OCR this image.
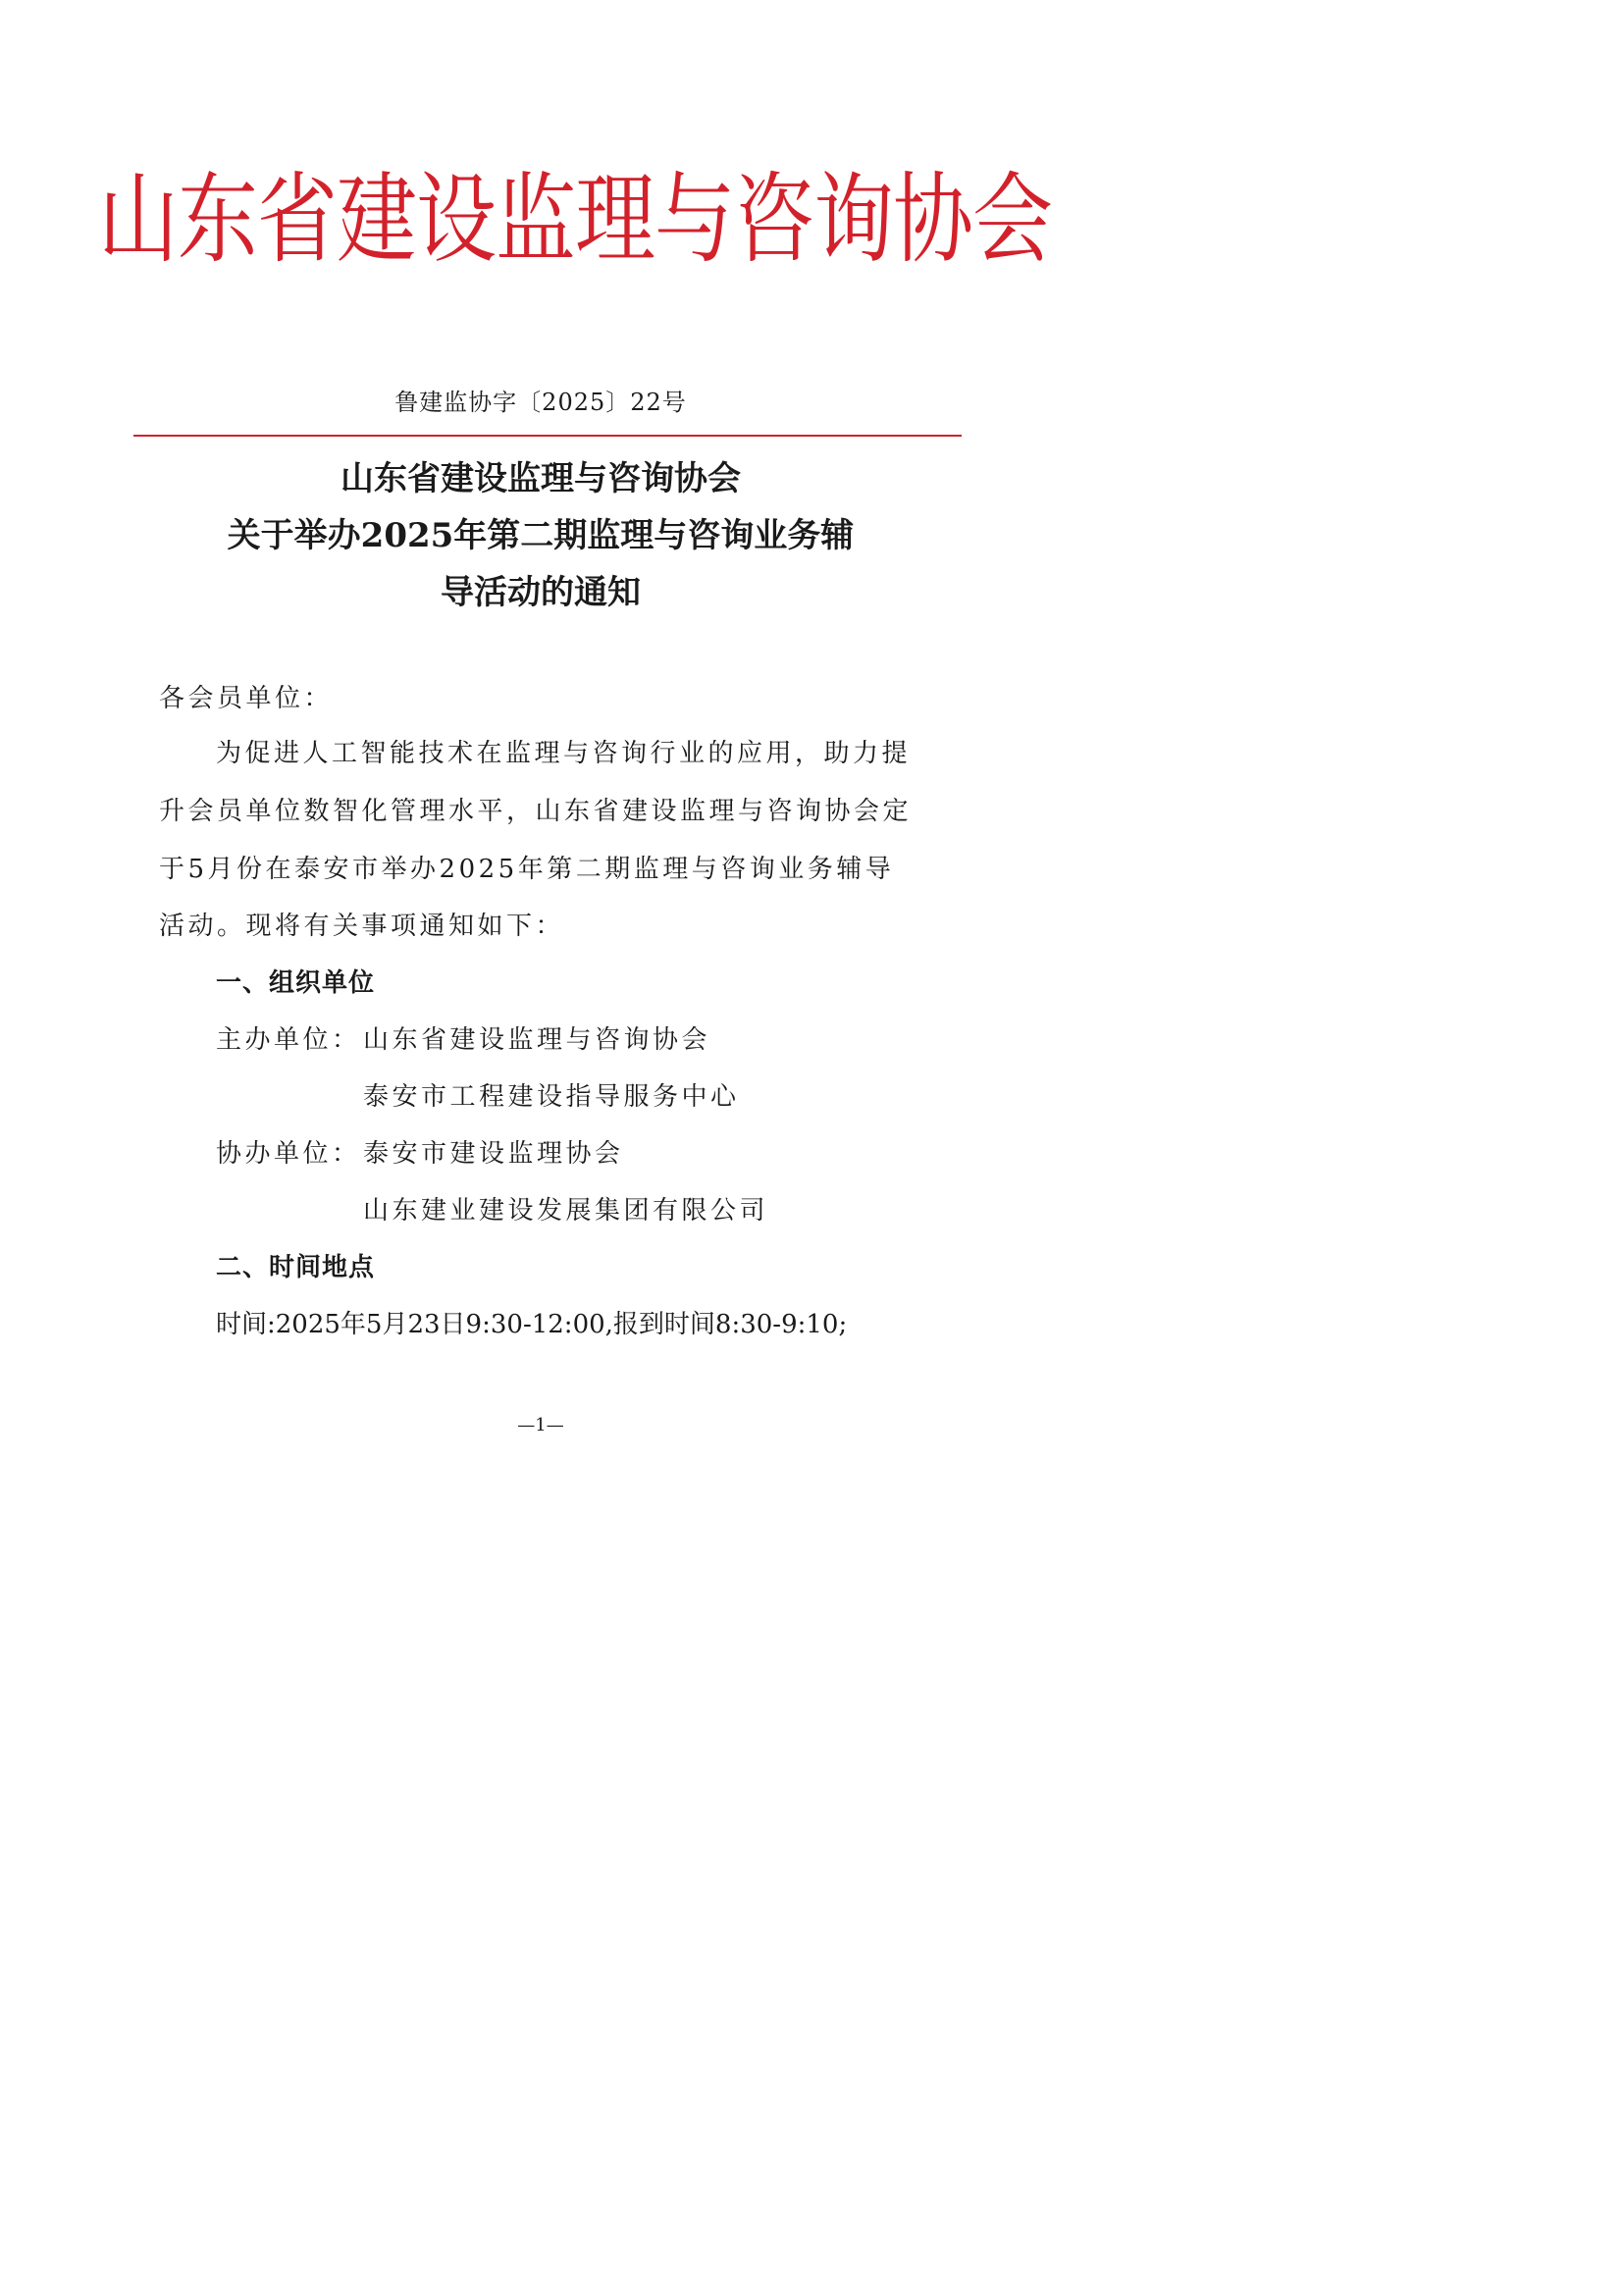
山东省建设监理与咨询协会
鲁建监协字〔2025〕22号
山东省建设监理与咨询协会
关于举办2025年第二期监理与咨询业务辅
导活动的通知
各会员单位：
为促进人工智能技术在监理与咨询行业的应用，助力提
升会员单位数智化管理水平，山东省建设监理与咨询协会定
于5月份在泰安市举办2025年第二期监理与咨询业务辅导
活动。现将有关事项通知如下：
一、组织单位
主办单位： 山东省建设监理与咨询协会
泰安市工程建设指导服务中心
协办单位： 泰安市建设监理协会
山东建业建设发展集团有限公司
二、时间地点
时间:2025年5月23日9:30-12:00,报到时间8:30-9:10;
—1—
